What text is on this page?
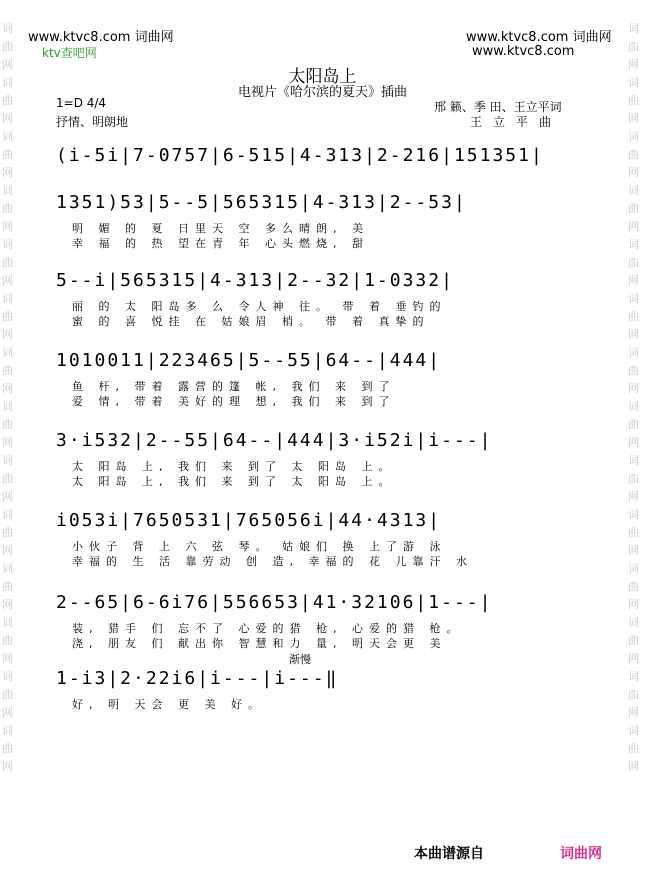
www.ktvc8.com 词曲网
ktv查吧网
www.ktvc8.com 词曲网
www.ktvc8.com
词曲网词曲网词曲网词曲网词曲网词曲网词曲网词曲网词曲网词曲网词曲网词曲网词曲网词曲网
词曲网词曲网词曲网词曲网词曲网词曲网词曲网词曲网词曲网词曲网词曲网词曲网词曲网词曲网
太阳岛上
电视片《哈尔滨的夏天》插曲
1=D 4/4
抒情、明朗地
邢 籁、季 田、王立平词
王立平曲
(i-5i|7-0757|6-515|4-313|2-216|151351|
1351)53|5--5|565315|4-313|2--53|
明 媚 的 夏 日里天 空 多么晴朗, 美
幸 福 的 热 望在青 年 心头燃烧, 甜
5--i|565315|4-313|2--32|1-0332|
丽 的 太 阳岛多 么 令人神 往。 带 着 垂钓的
蜜 的 喜 悦挂 在 姑娘眉 梢。 带 着 真挚的
1010011|223465|5--55|64--|444|
鱼 杆, 带着 露营的篷 帐, 我们 来 到了
爱 情, 带着 美好的理 想, 我们 来 到了
3·i532|2--55|64--|444|3·i52i|i---|
太 阳岛 上, 我们 来 到了 太 阳岛 上。
太 阳岛 上, 我们 来 到了 太 阳岛 上。
i053i|7650531|765056i|44·4313|
小伙子 背 上 六 弦 琴。 姑娘们 换 上了游 泳
幸福的 生 活 靠劳动 创 造, 幸福的 花 儿靠汗 水
2--65|6-6i76|556653|41·32106|1---|
装, 猎手 们 忘不了 心爱的猎 枪, 心爱的猎 枪。
浇, 朋友 们 献出你 智慧和力 量, 明天会更 美
1-i3|2·22i6|i---|i---‖
好, 明 天会 更 美 好。
渐慢
本曲谱源自	词曲网
